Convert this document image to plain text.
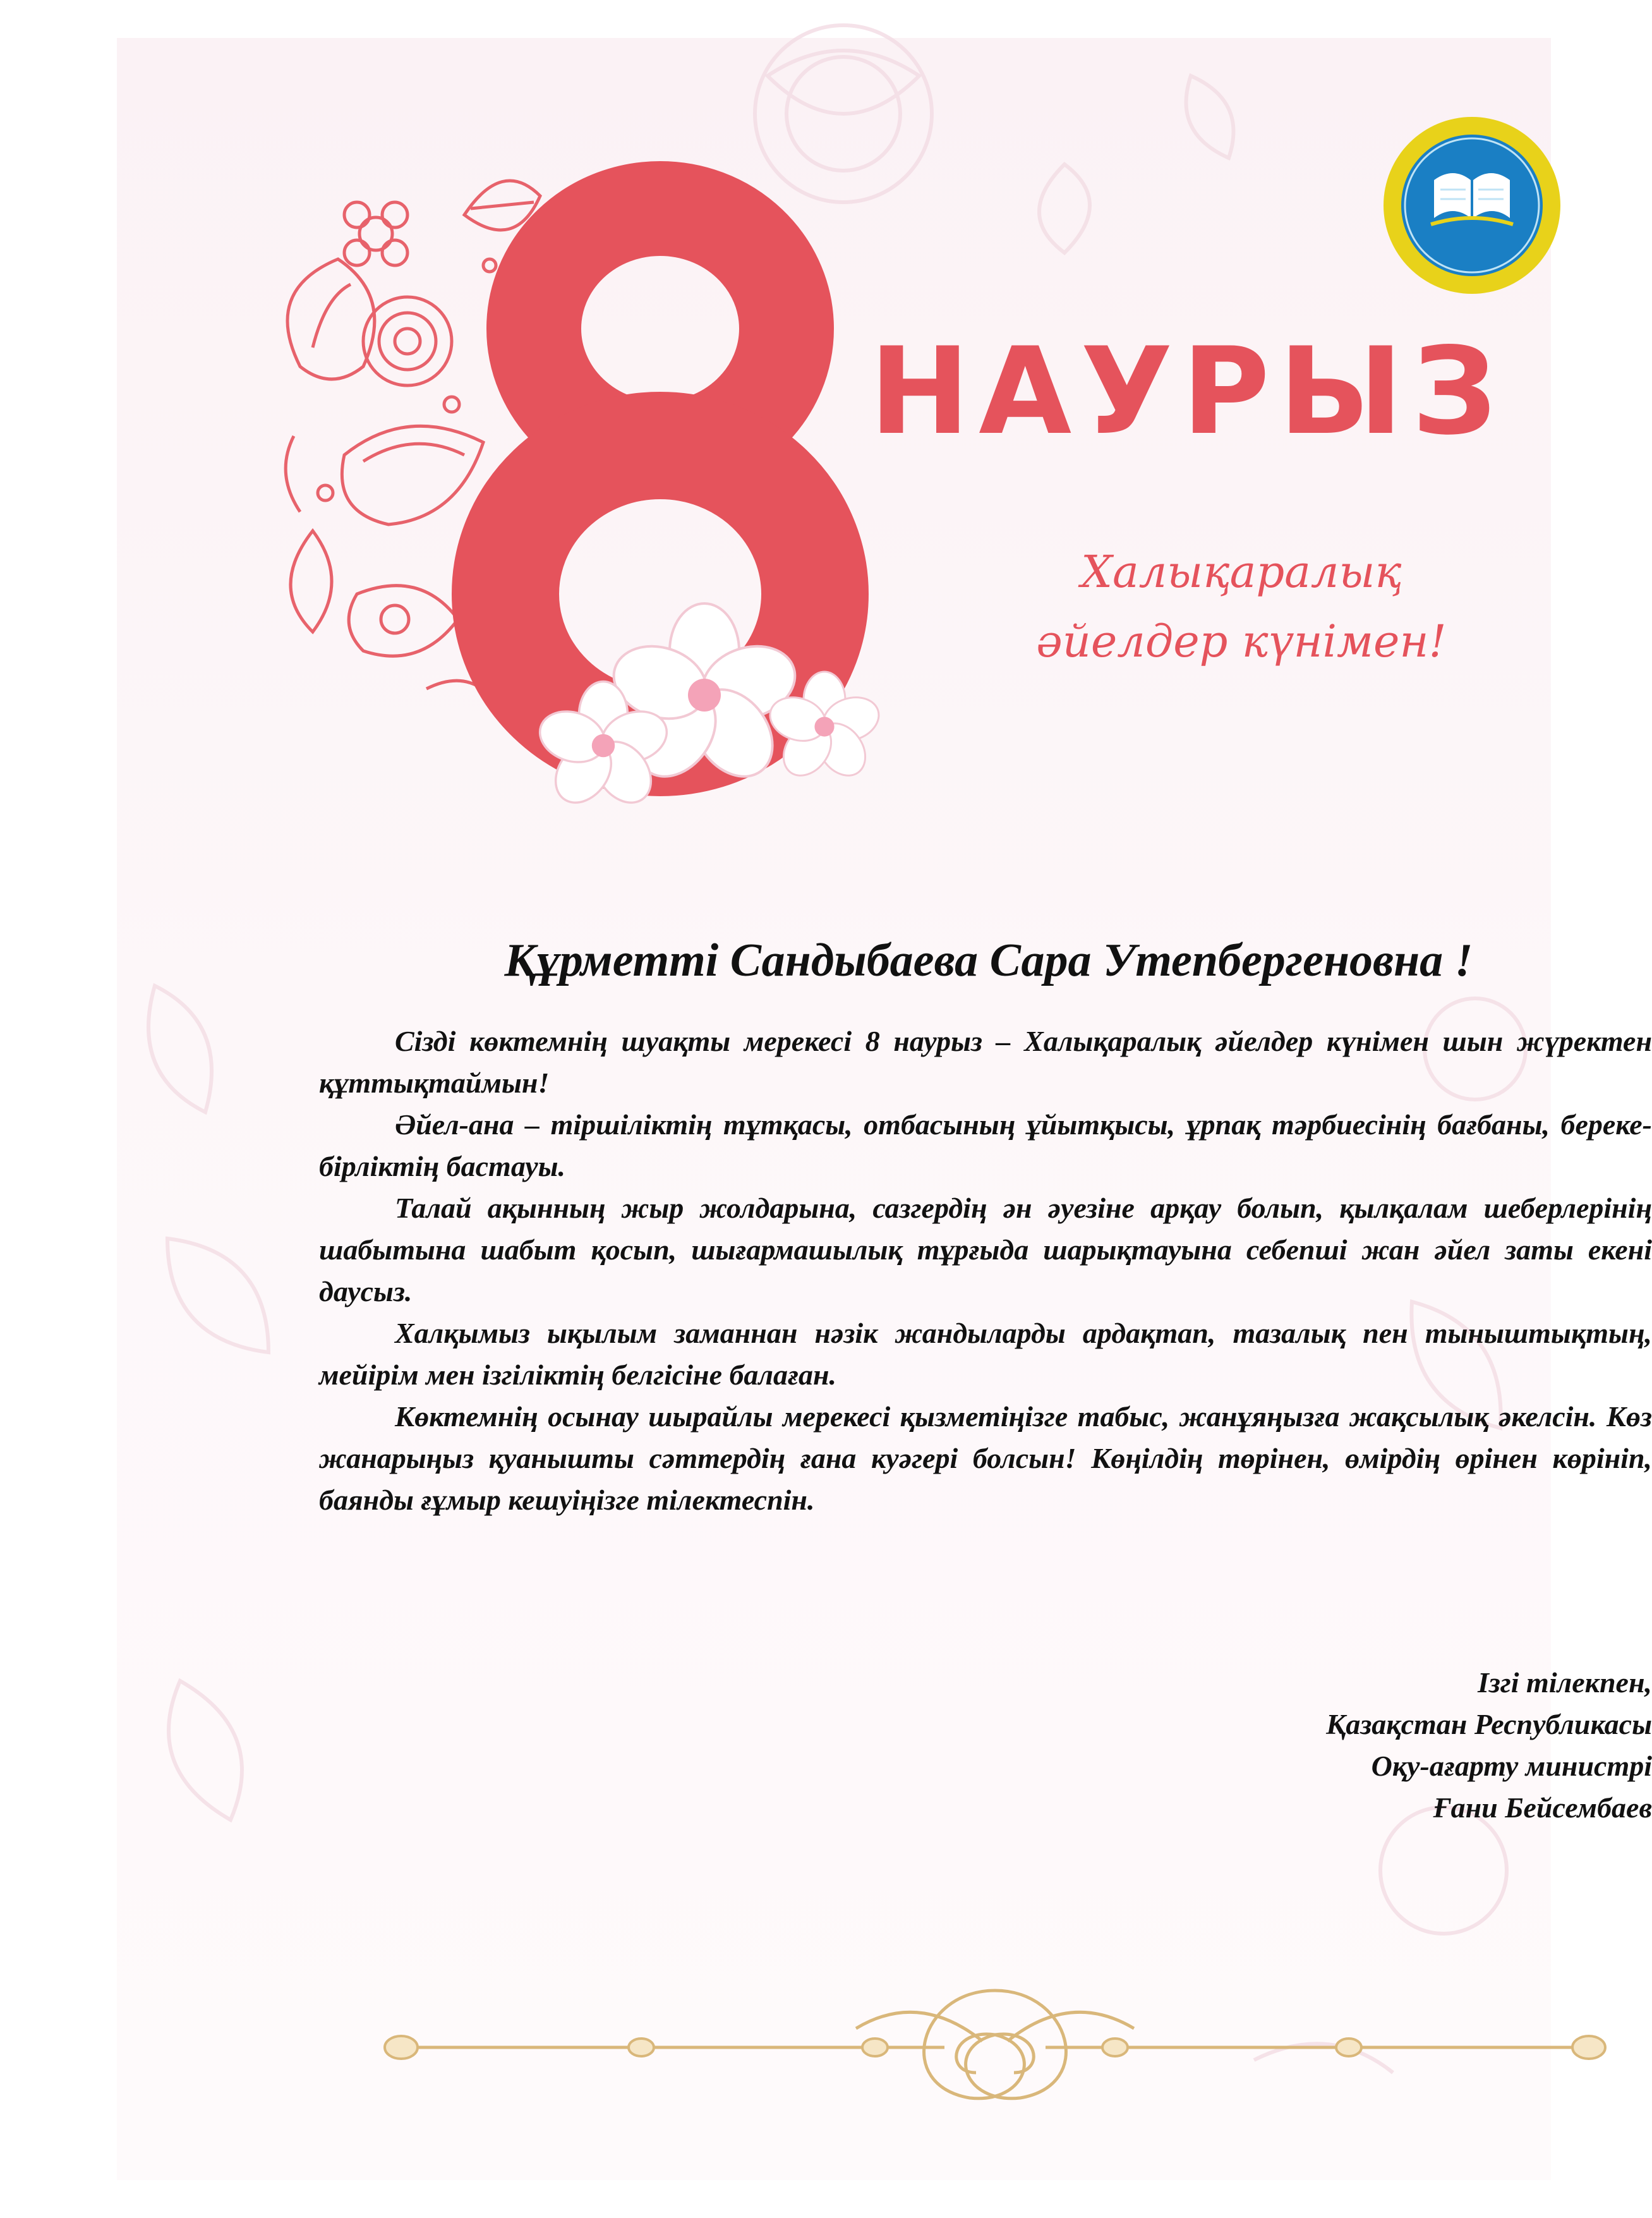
НАУРЫЗ
Халықаралық
әйелдер күнімен!
Құрметті Сандыбаева Сара Утепбергеновна !

Сізді көктемнің шуақты мерекесі 8 наурыз – Халықаралық әйелдер күнімен шын жүректен құттықтаймын!

Әйел-ана – тіршіліктің тұтқасы, отбасының ұйытқысы, ұрпақ тәрбиесінің бағбаны, береке-бірліктің бастауы.

Талай ақынның жыр жолдарына, сазгердің ән әуезіне арқау болып, қылқалам шеберлерінің шабытына шабыт қосып, шығармашылық тұрғыда шарықтауына себепші жан әйел заты екені даусыз.

Халқымыз ықылым заманнан нәзік жандыларды ардақтап, тазалық пен тыныштықтың, мейірім мен ізгіліктің белгісіне балаған.

Көктемнің осынау шырайлы мерекесі қызметіңізге табыс, жанұяңызға жақсылық әкелсін. Көз жанарыңыз қуанышты сәттердің ғана куәгері болсын! Көңілдің төрінен, өмірдің өрінен көрініп, баянды ғұмыр кешуіңізге тілектеспін.

Ізгі тілекпен,
Қазақстан Республикасы
Оқу-ағарту министрі
Ғани Бейсембаев
